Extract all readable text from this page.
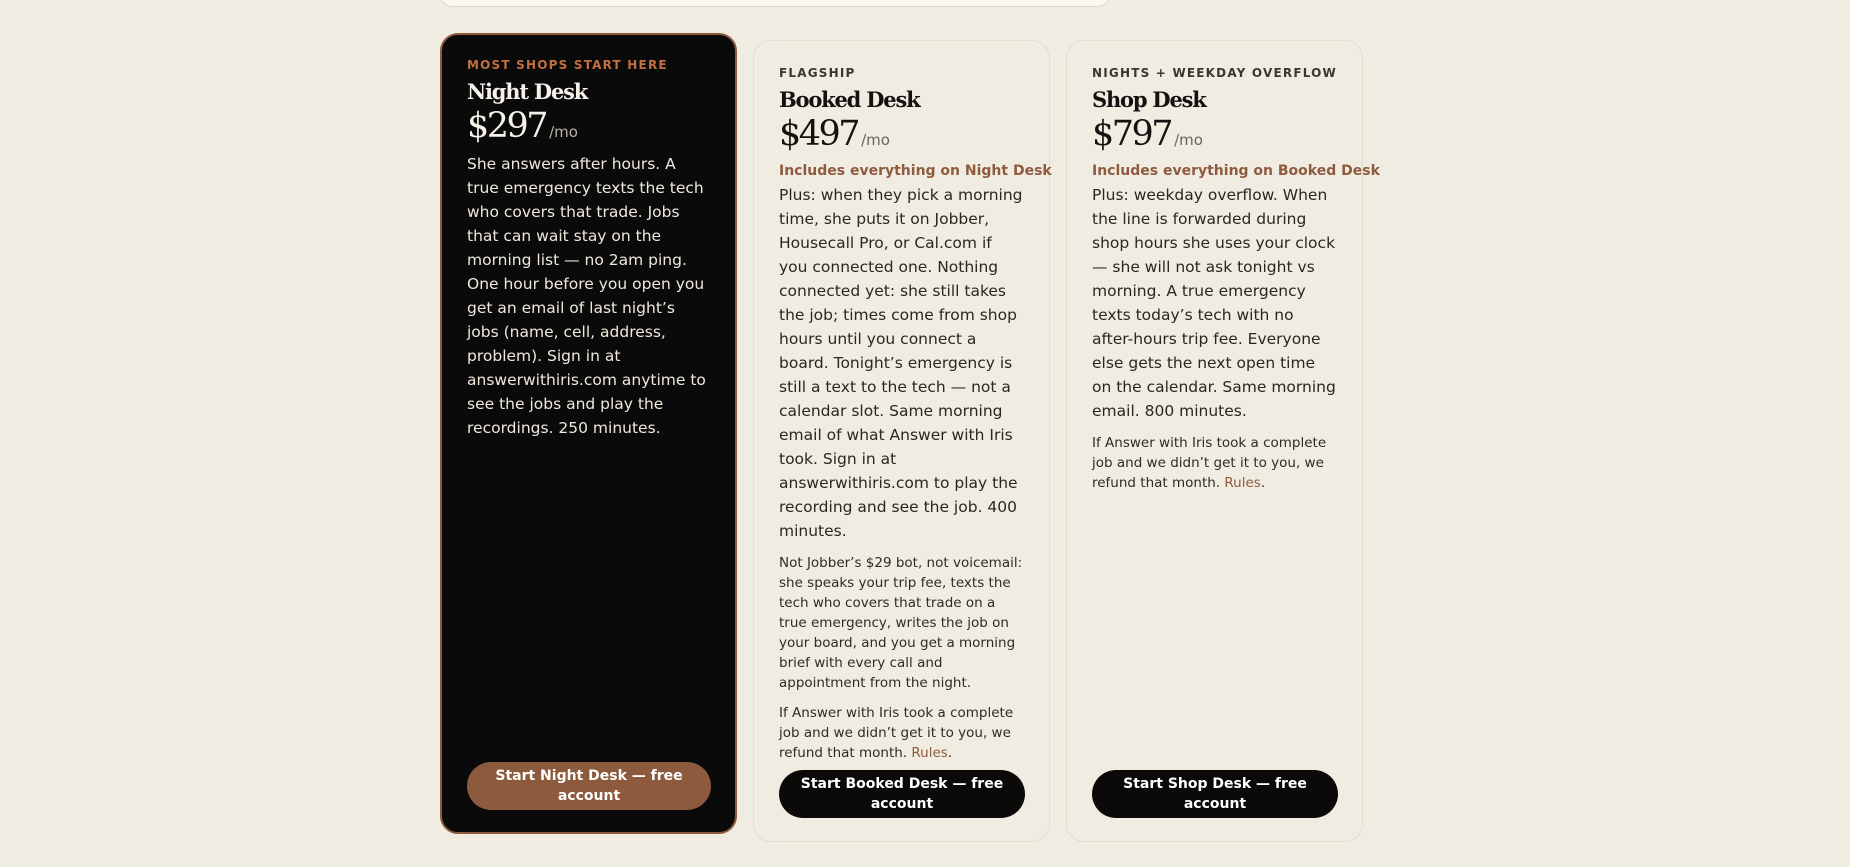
MOST SHOPS START HERE

Night Desk

$297 /mo

She answers after hours. A true emergency texts the tech who covers that trade. Jobs that can wait stay on the morning list — no 2am ping. One hour before you open you get an email of last night’s jobs (name, cell, address, problem). Sign in at answerwithiris.com anytime to see the jobs and play the recordings. 250 minutes.

Start Night Desk — free account

FLAGSHIP

Booked Desk

$497 /mo

Includes everything on Night Desk

Plus: when they pick a morning time, she puts it on Jobber, Housecall Pro, or Cal.com if you connected one. Nothing connected yet: she still takes the job; times come from shop hours until you connect a board. Tonight’s emergency is still a text to the tech — not a calendar slot. Same morning email of what Answer with Iris took. Sign in at answerwithiris.com to play the recording and see the job. 400 minutes.

Not Jobber’s $29 bot, not voicemail: she speaks your trip fee, texts the tech who covers that trade on a true emergency, writes the job on your board, and you get a morning brief with every call and appointment from the night.

If Answer with Iris took a complete job and we didn’t get it to you, we refund that month. Rules.

Start Booked Desk — free account

NIGHTS + WEEKDAY OVERFLOW

Shop Desk

$797 /mo

Includes everything on Booked Desk

Plus: weekday overflow. When the line is forwarded during shop hours she uses your clock — she will not ask tonight vs morning. A true emergency texts today’s tech with no after-hours trip fee. Everyone else gets the next open time on the calendar. Same morning email. 800 minutes.

If Answer with Iris took a complete job and we didn’t get it to you, we refund that month. Rules.

Start Shop Desk — free account
